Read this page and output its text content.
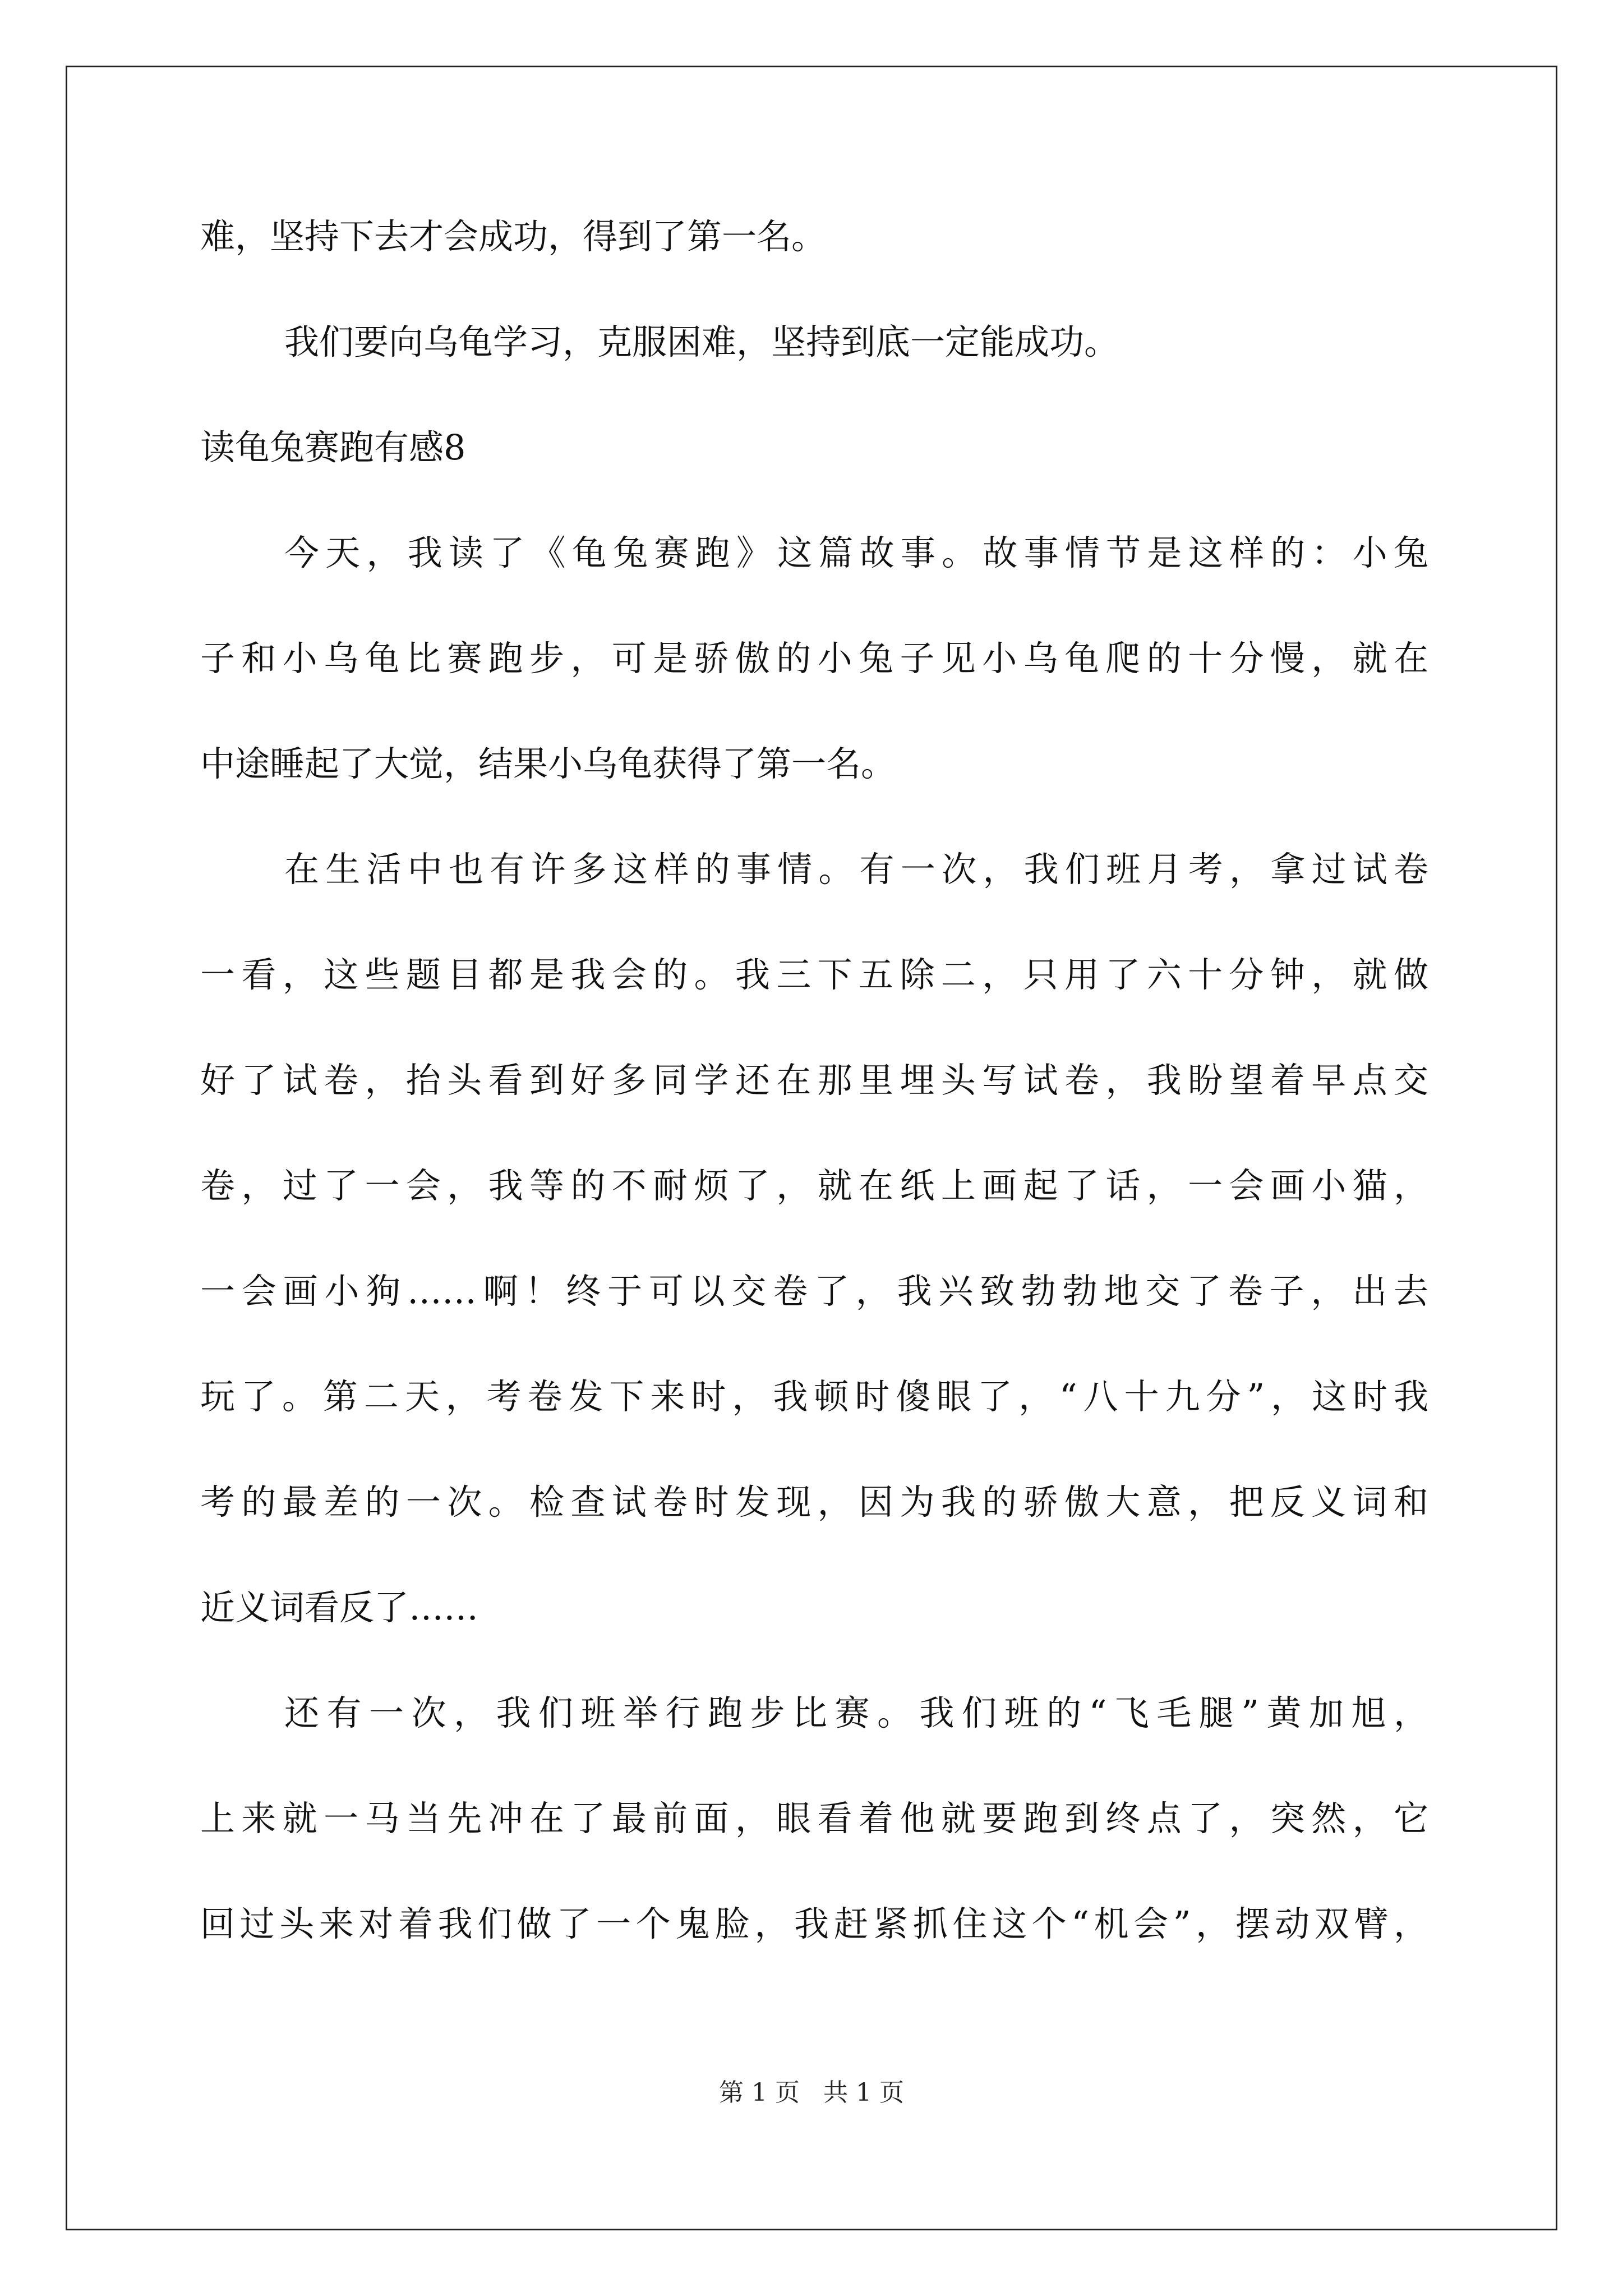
难，坚持下去才会成功，得到了第一名。
我们要向乌龟学习，克服困难，坚持到底一定能成功。
读龟兔赛跑有感8
今天，我读了《龟兔赛跑》这篇故事。故事情节是这样的：小兔
子和小乌龟比赛跑步，可是骄傲的小兔子见小乌龟爬的十分慢，就在
中途睡起了大觉，结果小乌龟获得了第一名。
在生活中也有许多这样的事情。有一次，我们班月考，拿过试卷
一看，这些题目都是我会的。我三下五除二，只用了六十分钟，就做
好了试卷，抬头看到好多同学还在那里埋头写试卷，我盼望着早点交
卷，过了一会，我等的不耐烦了，就在纸上画起了话，一会画小猫，
一会画小狗……啊！终于可以交卷了，我兴致勃勃地交了卷子，出去
玩了。第二天，考卷发下来时，我顿时傻眼了，“八十九分”，这时我
考的最差的一次。检查试卷时发现，因为我的骄傲大意，把反义词和
近义词看反了……
还有一次，我们班举行跑步比赛。我们班的“飞毛腿”黄加旭，
上来就一马当先冲在了最前面，眼看着他就要跑到终点了，突然，它
回过头来对着我们做了一个鬼脸，我赶紧抓住这个“机会”，摆动双臂，
第 1 页   共 1 页
